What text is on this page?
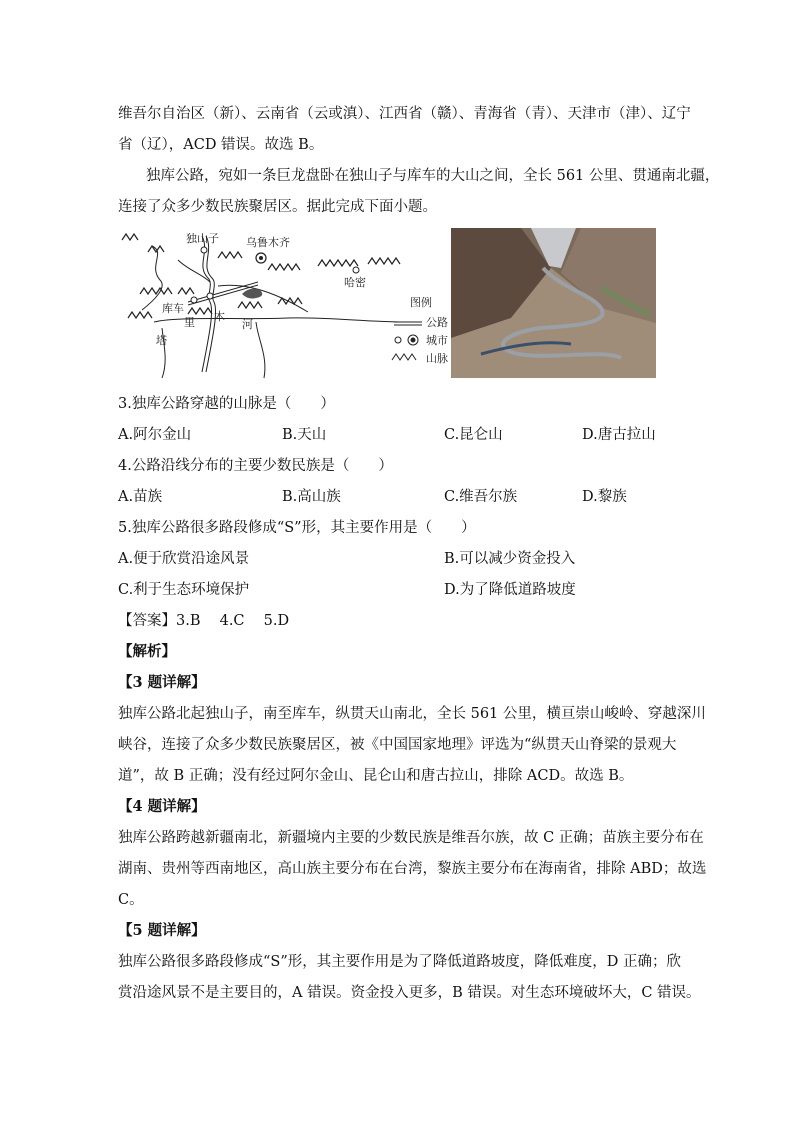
维吾尔自治区（新）、云南省（云或滇）、江西省（赣）、青海省（青）、天津市（津）、辽宁
省（辽），ACD 错误。故选 B。
独库公路，宛如一条巨龙盘卧在独山子与库车的大山之间，全长 561 公里、贯通南北疆，
连接了众多少数民族聚居区。据此完成下面小题。
独山子 乌鲁木齐
哈密
库车
塔
里 木
河
图例
公路
城市
山脉
3.独库公路穿越的山脉是（　　）
A.阿尔金山	B.天山	C.昆仑山	D.唐古拉山
4.公路沿线分布的主要少数民族是（　　）
A.苗族	B.高山族	C.维吾尔族	D.黎族
5.独库公路很多路段修成“S”形，其主要作用是（　　）
A.便于欣赏沿途风景	B.可以减少资金投入
C.利于生态环境保护	D.为了降低道路坡度
【答案】3.B　 4.C　 5.D
【解析】
【3 题详解】
独库公路北起独山子，南至库车，纵贯天山南北，全长 561 公里，横亘崇山峻岭、穿越深川
峡谷，连接了众多少数民族聚居区，被《中国国家地理》评选为“纵贯天山脊梁的景观大
道”，故 B 正确；没有经过阿尔金山、昆仑山和唐古拉山，排除 ACD。故选 B。
【4 题详解】
独库公路跨越新疆南北，新疆境内主要的少数民族是维吾尔族，故 C 正确；苗族主要分布在
湖南、贵州等西南地区，高山族主要分布在台湾，黎族主要分布在海南省，排除 ABD；故选
C。
【5 题详解】
独库公路很多路段修成“S”形，其主要作用是为了降低道路坡度，降低难度，D 正确；欣
赏沿途风景不是主要目的，A 错误。资金投入更多，B 错误。对生态环境破坏大，C 错误。
